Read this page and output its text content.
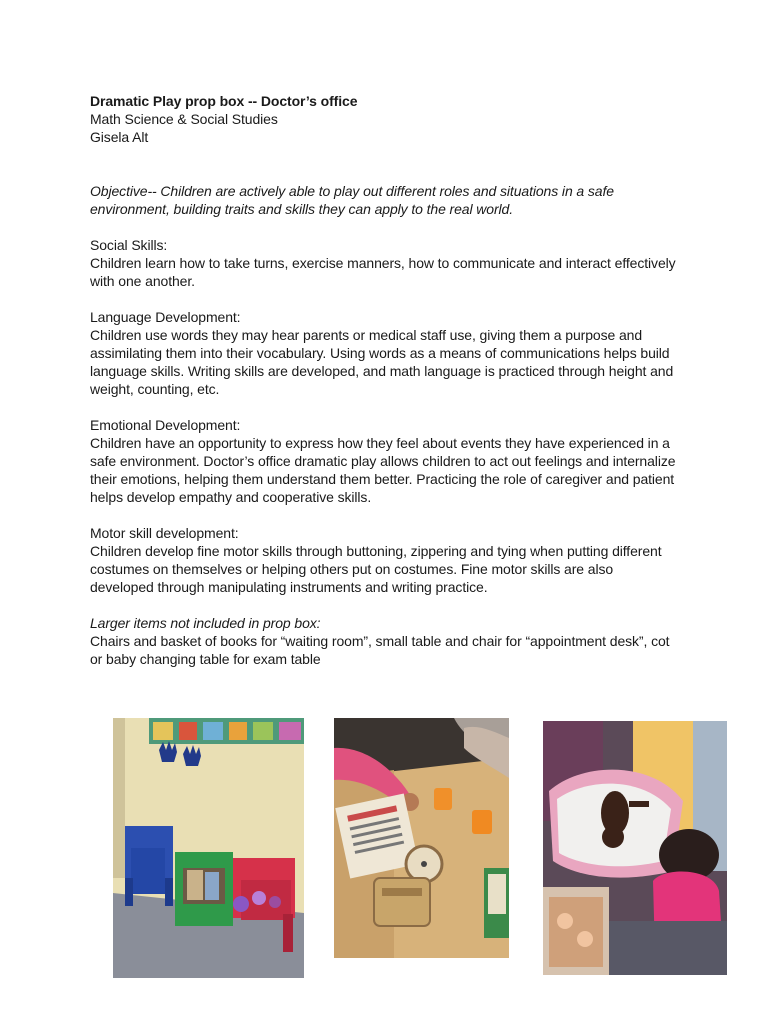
Dramatic Play prop box -- Doctor’s office

Math Science & Social Studies

Gisela Alt

Objective-- Children are actively able to play out different roles and situations in a safe environment, building traits and skills they can apply to the real world.

Social Skills:

Children learn how to take turns, exercise manners, how to communicate and interact effectively with one another.

Language Development:

Children use words they may hear parents or medical staff use, giving them a purpose and assimilating them into their vocabulary. Using words as a means of communications helps build language skills. Writing skills are developed, and math language is practiced through height and weight, counting, etc.

Emotional Development:

Children have an opportunity to express how they feel about events they have experienced in a safe environment. Doctor’s office dramatic play allows children to act out feelings and internalize their emotions, helping them understand them better. Practicing the role of caregiver and patient helps develop empathy and cooperative skills.

Motor skill development:

Children develop fine motor skills through buttoning, zippering and tying when putting different costumes on themselves or helping others put on costumes. Fine motor skills are also developed through manipulating instruments and writing practice.

Larger items not included in prop box:

Chairs and basket of books for “waiting room”, small table and chair for “appointment desk”, cot or baby changing table for exam table
